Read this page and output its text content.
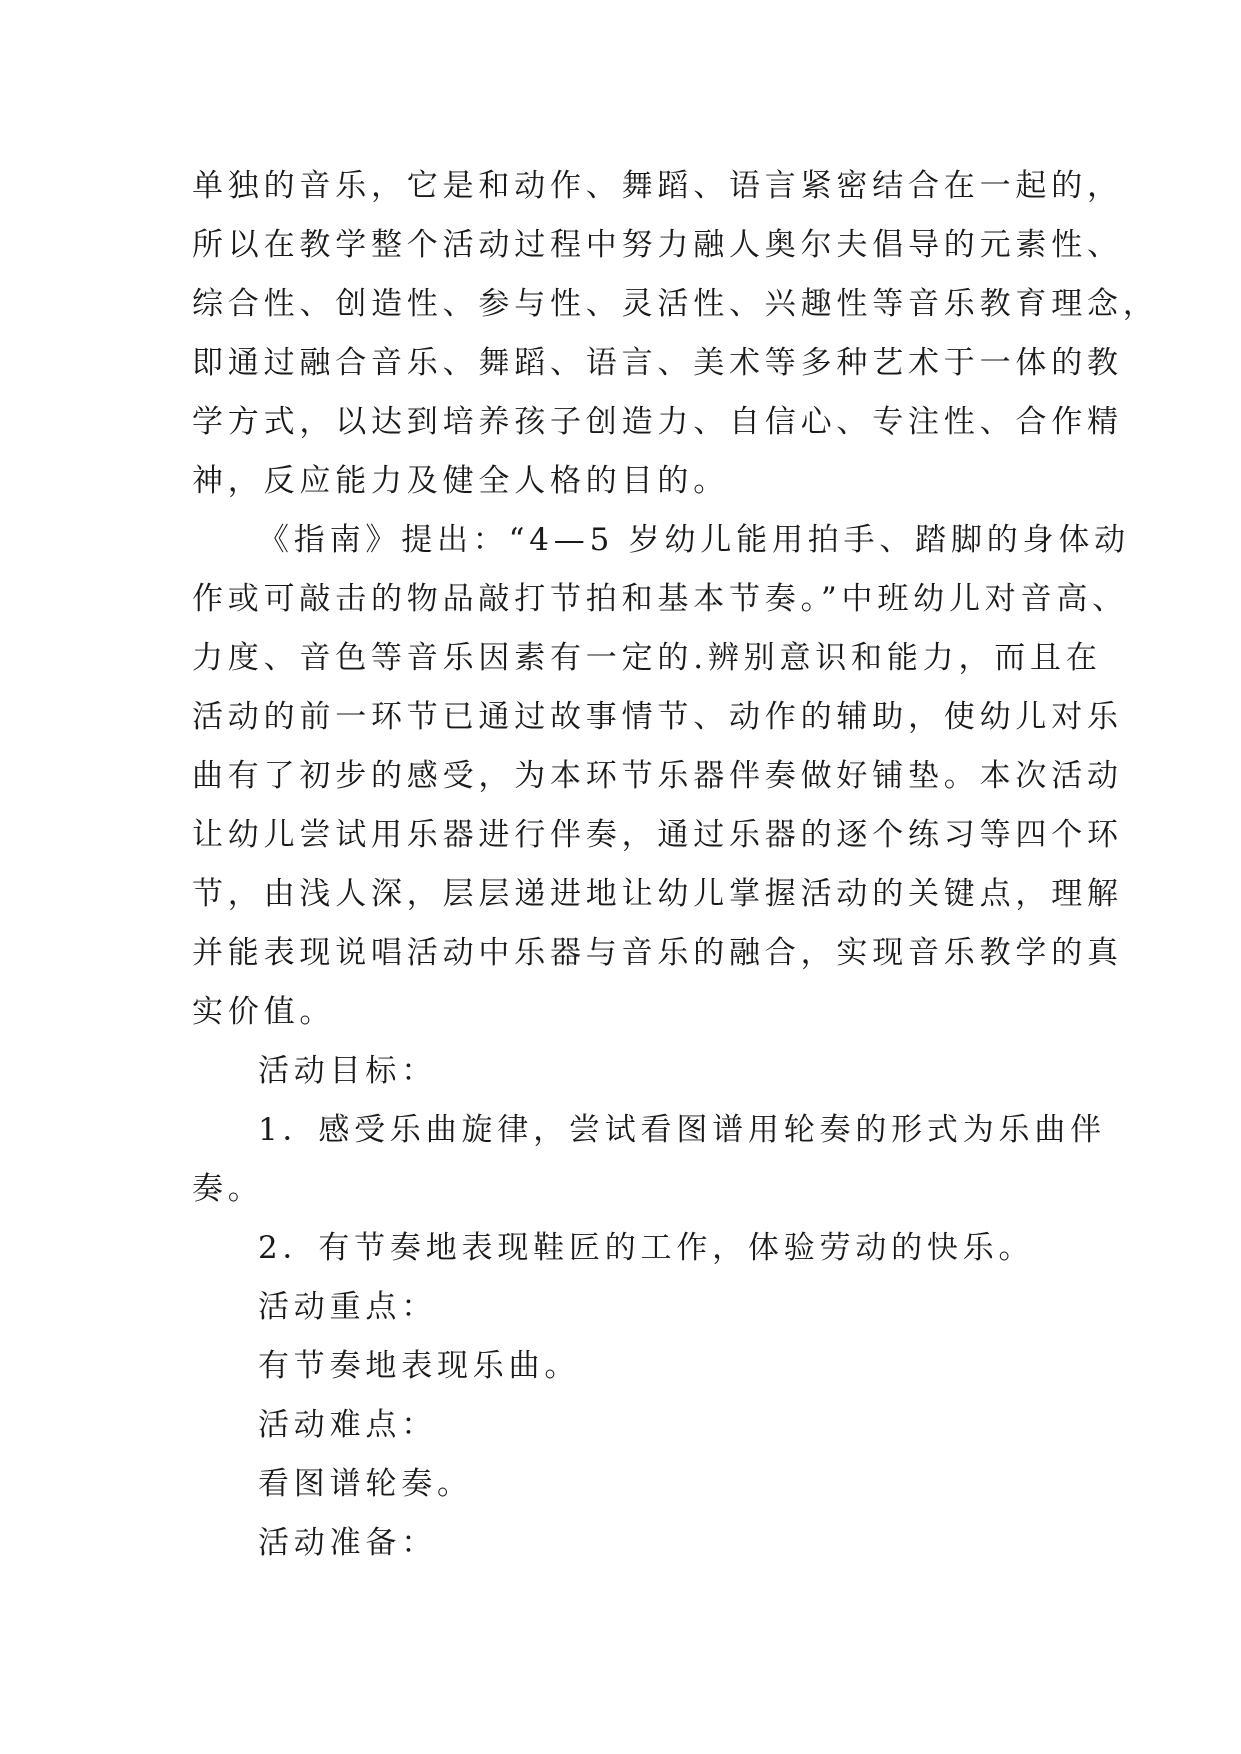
单独的音乐，它是和动作、舞蹈、语言紧密结合在一起的，
所以在教学整个活动过程中努力融人奥尔夫倡导的元素性、
综合性、创造性、参与性、灵活性、兴趣性等音乐教育理念，
即通过融合音乐、舞蹈、语言、美术等多种艺术于一体的教
学方式，以达到培养孩子创造力、自信心、专注性、合作精
神，反应能力及健全人格的目的。
《指南》提出：“4—5 岁幼儿能用拍手、踏脚的身体动
作或可敲击的物品敲打节拍和基本节奏。”中班幼儿对音高、
力度、音色等音乐因素有一定的.辨别意识和能力，而且在
活动的前一环节已通过故事情节、动作的辅助，使幼儿对乐
曲有了初步的感受，为本环节乐器伴奏做好铺垫。本次活动
让幼儿尝试用乐器进行伴奏，通过乐器的逐个练习等四个环
节，由浅人深，层层递进地让幼儿掌握活动的关键点，理解
并能表现说唱活动中乐器与音乐的融合，实现音乐教学的真
实价值。
活动目标：
1．感受乐曲旋律，尝试看图谱用轮奏的形式为乐曲伴
奏。
2．有节奏地表现鞋匠的工作，体验劳动的快乐。
活动重点：
有节奏地表现乐曲。
活动难点：
看图谱轮奏。
活动准备：
